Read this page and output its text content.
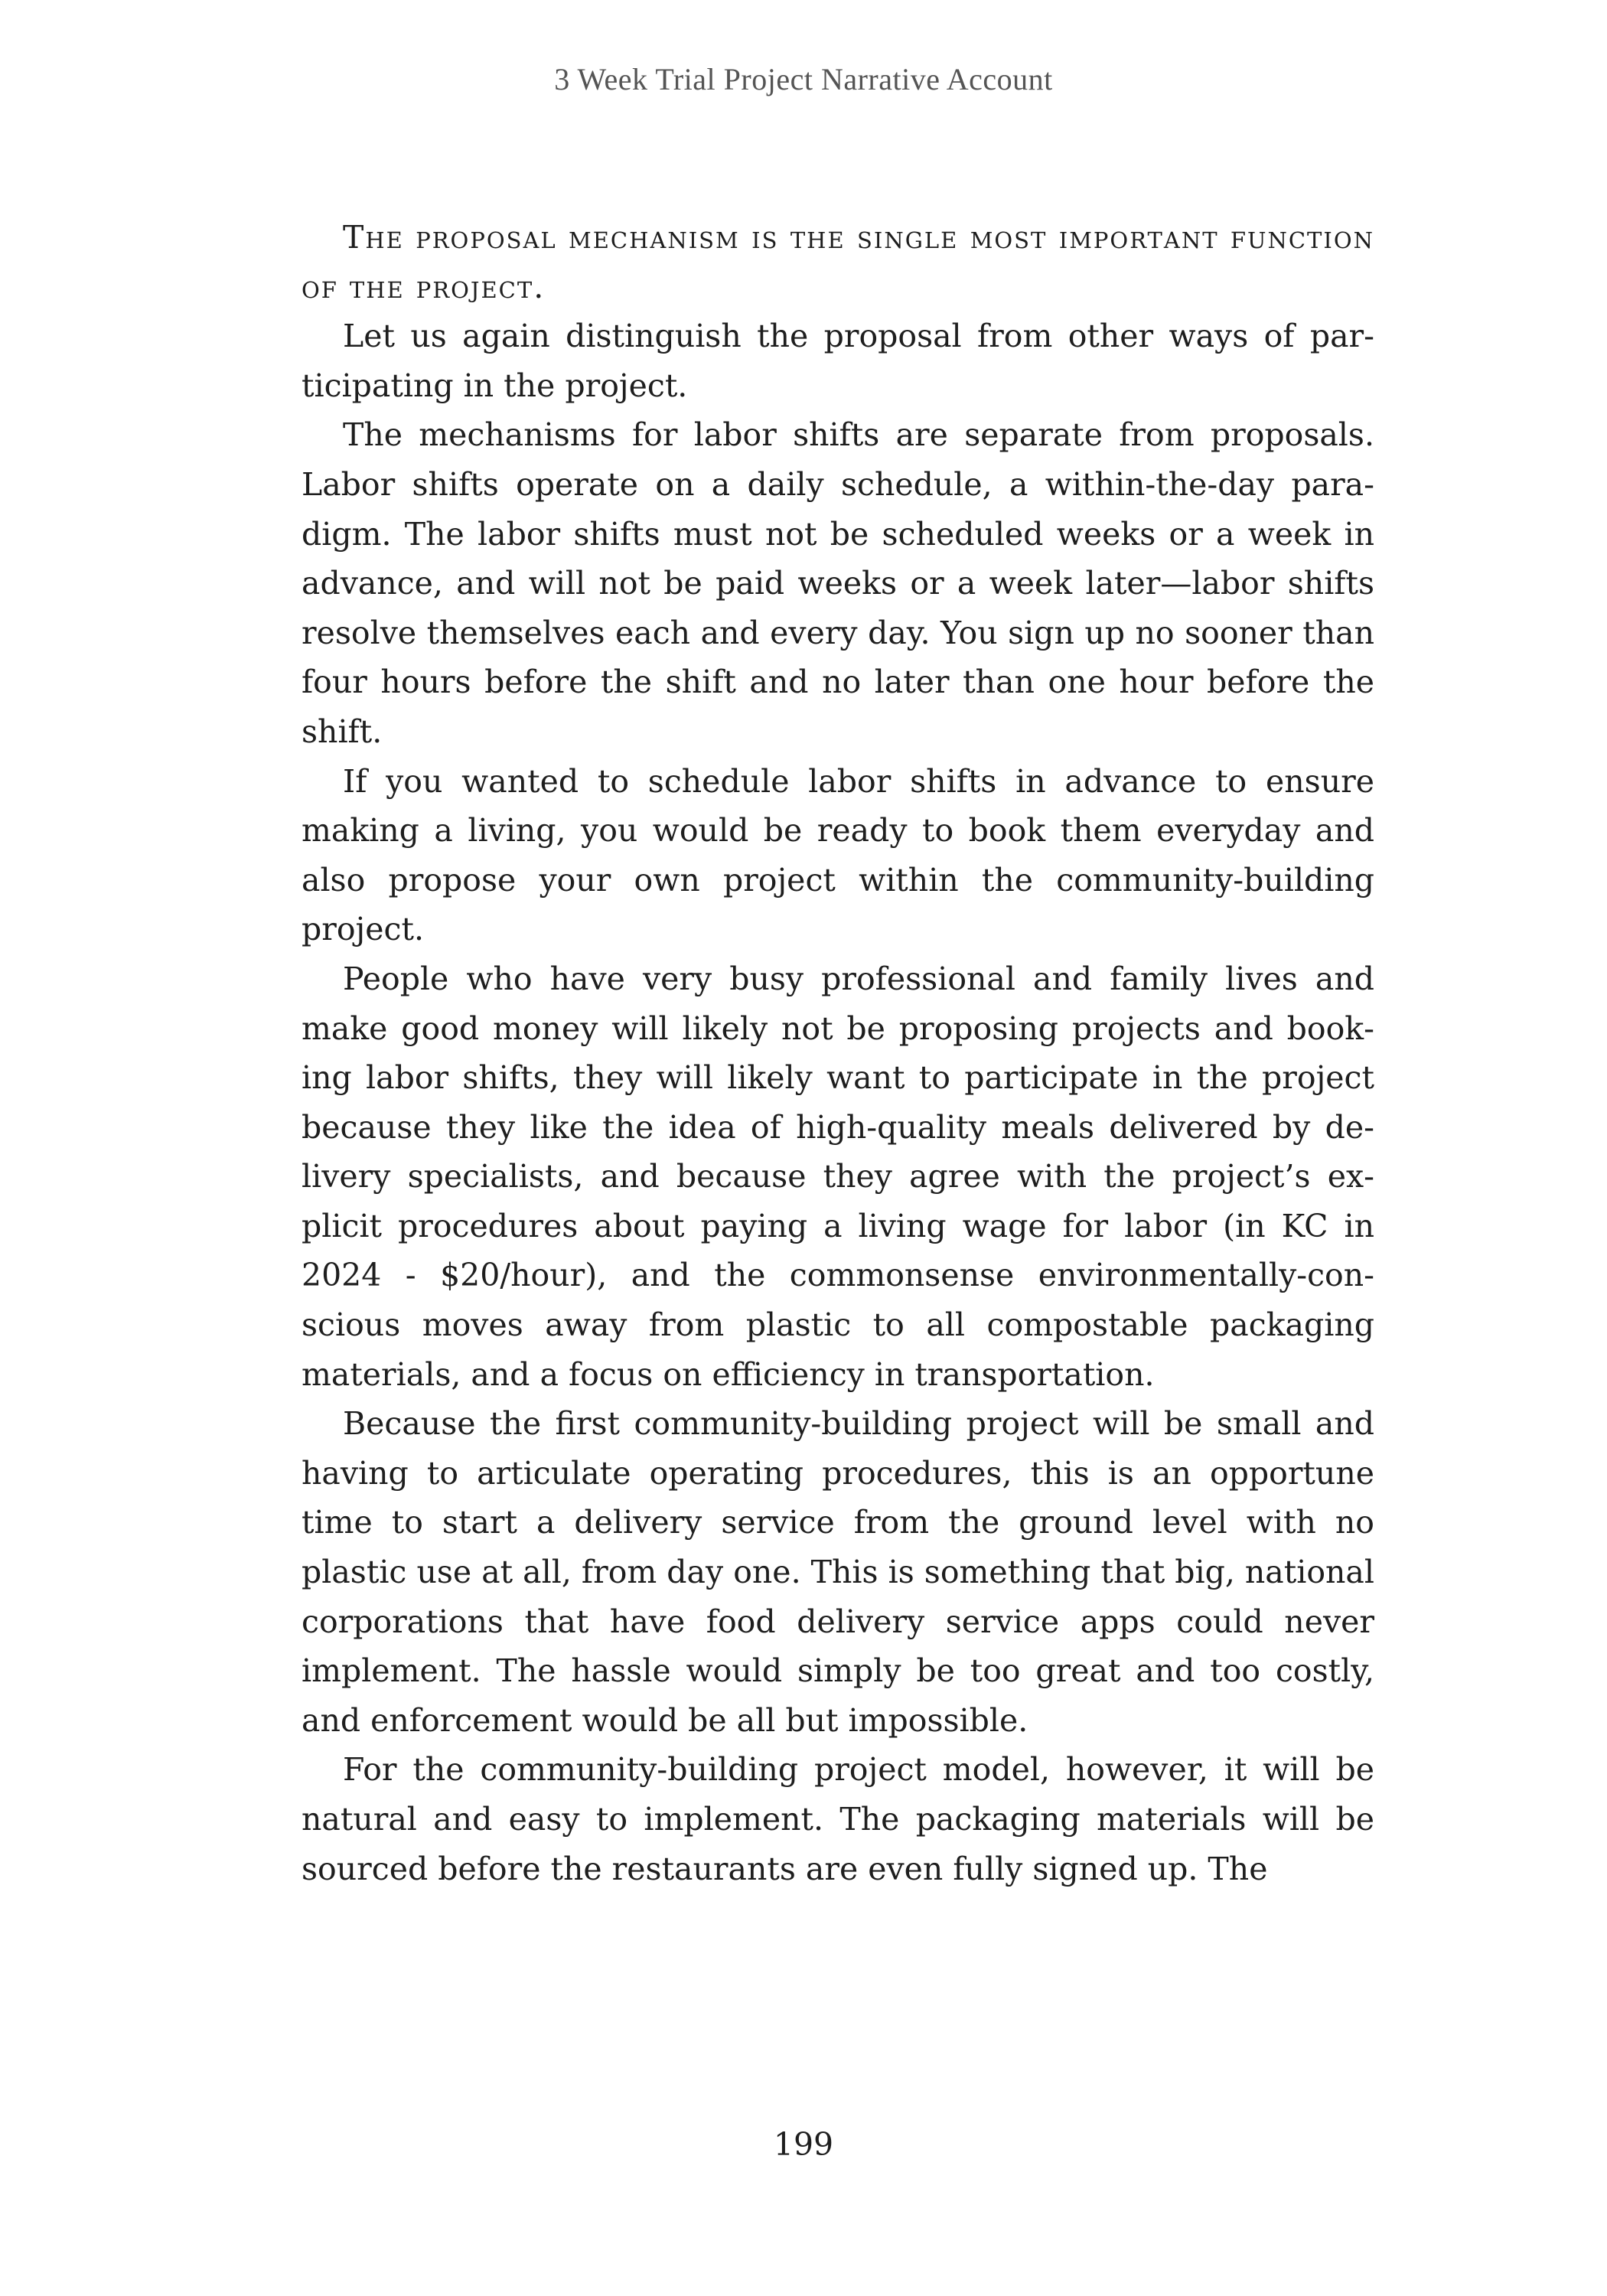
3 Week Trial Project Narrative Account

The proposal mechanism is the single most important function of the project.

Let us again distinguish the proposal from other ways of participating in the project.

The mechanisms for labor shifts are separate from proposals. Labor shifts operate on a daily schedule, a within-the-day paradigm. The labor shifts must not be scheduled weeks or a week in advance, and will not be paid weeks or a week later—labor shifts resolve themselves each and every day. You sign up no sooner than four hours before the shift and no later than one hour before the shift.

If you wanted to schedule labor shifts in advance to ensure making a living, you would be ready to book them everyday and also propose your own project within the community-building project.

People who have very busy professional and family lives and make good money will likely not be proposing projects and booking labor shifts, they will likely want to participate in the project because they like the idea of high-quality meals delivered by delivery specialists, and because they agree with the project’s explicit procedures about paying a living wage for labor (in KC in 2024 - $20/hour), and the commonsense environmentally-conscious moves away from plastic to all compostable packaging materials, and a focus on efficiency in transportation.

Because the first community-building project will be small and having to articulate operating procedures, this is an opportune time to start a delivery service from the ground level with no plastic use at all, from day one. This is something that big, national corporations that have food delivery service apps could never implement. The hassle would simply be too great and too costly, and enforcement would be all but impossible.

For the community-building project model, however, it will be natural and easy to implement. The packaging materials will be sourced before the restaurants are even fully signed up. The

199
